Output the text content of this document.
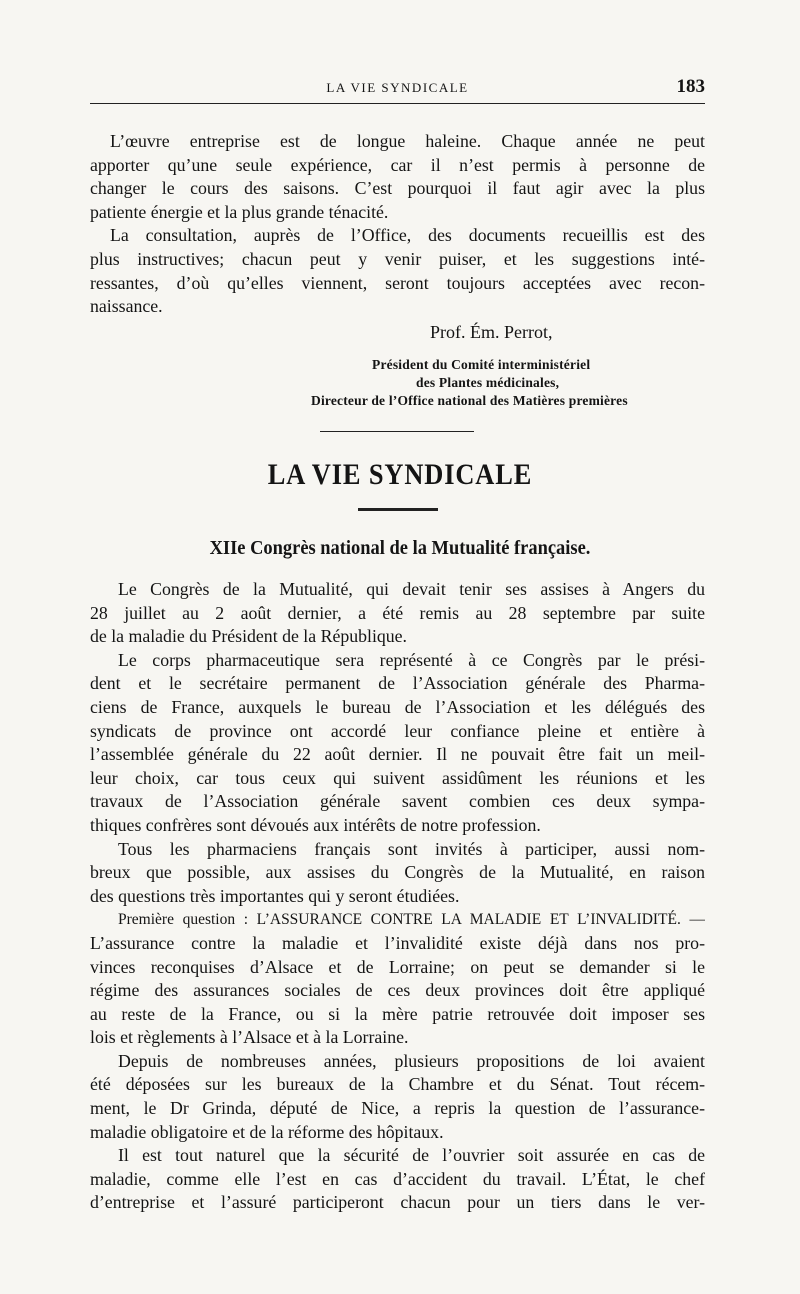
LA VIE SYNDICALE	183
L’œuvre entreprise est de longue haleine. Chaque année ne peut
apporter qu’une seule expérience, car il n’est permis à personne de
changer le cours des saisons. C’est pourquoi il faut agir avec la plus
patiente énergie et la plus grande ténacité.
La consultation, auprès de l’Office, des documents recueillis est des
plus instructives; chacun peut y venir puiser, et les suggestions inté-
ressantes, d’où qu’elles viennent, seront toujours acceptées avec recon-
naissance.
Prof. Ém. Perrot,
Président du Comité interministériel
des Plantes médicinales,
Directeur de l’Office national des Matières premières
LA VIE SYNDICALE
XIIe Congrès national de la Mutualité française.
Le Congrès de la Mutualité, qui devait tenir ses assises à Angers du
28 juillet au 2 août dernier, a été remis au 28 septembre par suite
de la maladie du Président de la République.
Le corps pharmaceutique sera représenté à ce Congrès par le prési-
dent et le secrétaire permanent de l’Association générale des Pharma-
ciens de France, auxquels le bureau de l’Association et les délégués des
syndicats de province ont accordé leur confiance pleine et entière à
l’assemblée générale du 22 août dernier. Il ne pouvait être fait un meil-
leur choix, car tous ceux qui suivent assidûment les réunions et les
travaux de l’Association générale savent combien ces deux sympa-
thiques confrères sont dévoués aux intérêts de notre profession.
Tous les pharmaciens français sont invités à participer, aussi nom-
breux que possible, aux assises du Congrès de la Mutualité, en raison
des questions très importantes qui y seront étudiées.
Première question : L’ASSURANCE CONTRE LA MALADIE ET L’INVALIDITÉ. —
L’assurance contre la maladie et l’invalidité existe déjà dans nos pro-
vinces reconquises d’Alsace et de Lorraine; on peut se demander si le
régime des assurances sociales de ces deux provinces doit être appliqué
au reste de la France, ou si la mère patrie retrouvée doit imposer ses
lois et règlements à l’Alsace et à la Lorraine.
Depuis de nombreuses années, plusieurs propositions de loi avaient
été déposées sur les bureaux de la Chambre et du Sénat. Tout récem-
ment, le Dr Grinda, député de Nice, a repris la question de l’assurance-
maladie obligatoire et de la réforme des hôpitaux.
Il est tout naturel que la sécurité de l’ouvrier soit assurée en cas de
maladie, comme elle l’est en cas d’accident du travail. L’État, le chef
d’entreprise et l’assuré participeront chacun pour un tiers dans le ver-
